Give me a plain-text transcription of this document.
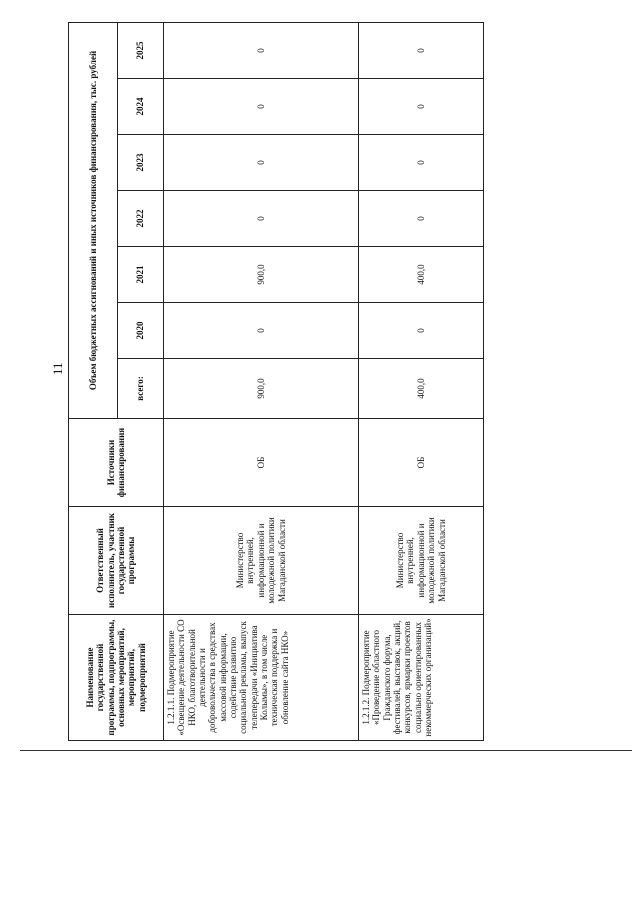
11
Наименование государственной программы, подпрограммы, основных мероприятий, мероприятий, подмероприятий	Ответственный исполнитель, участник государственной программы	Источники финансирования	Объем бюджетных ассигнований и иных источников финансирования, тыс. рублей						
			всего:	2020	2021	2022	2023	2024	2025
1.2.1.1. Подмероприятие «Освещение деятельности СО НКО, благотворительной деятельности и добровольчества в средствах массовой информации, содействие развитию социальной рекламы, выпуск телепередачи «Инициатива Колымы», в том числе техническая поддержка и обновление сайта НКО»	Министерство внутренней, информационной и молодежной политики Магаданской области	ОБ	900,0	0	900,0	0	0	0	0
1.2.1.2. Подмероприятие «Проведение областного Гражданского форума, фестивалей, выставок, акций, конкурсов, ярмарки проектов социально ориентированных некоммерческих организаций»	Министерство внутренней, информационной и молодежной политики Магаданской области	ОБ	400,0	0	400,0	0	0	0	0
